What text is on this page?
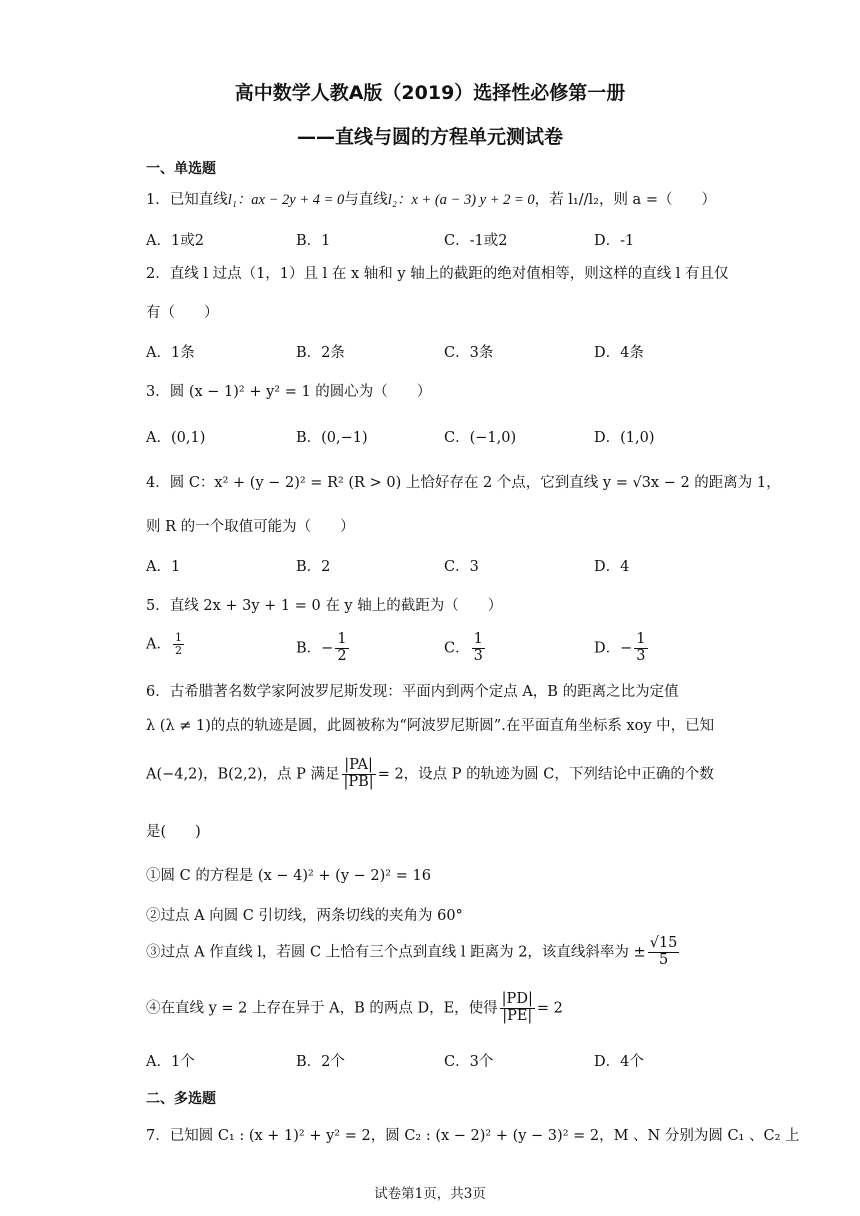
高中数学人教A版（2019）选择性必修第一册
——直线与圆的方程单元测试卷
一、单选题
1．已知直线l₁：ax − 2y + 4 = 0与直线l₂：x + (a − 3) y + 2 = 0，若 l₁//l₂，则 a =（　　）
A．1或2	B．1	C．-1或2	D．-1
2．直线 l 过点（1，1）且 l 在 x 轴和 y 轴上的截距的绝对值相等，则这样的直线 l 有且仅
有（　　）
A．1条	B．2条	C．3条	D．4条
3．圆 (x − 1)² + y² = 1 的圆心为（　　）
A．(0,1)	B．(0,−1)	C．(−1,0)	D．(1,0)
4．圆 C：x² + (y − 2)² = R² (R > 0) 上恰好存在 2 个点，它到直线 y = √3x − 2 的距离为 1，
则 R 的一个取值可能为（　　）
A．1	B．2	C．3	D．4
5．直线 2x + 3y + 1 = 0 在 y 轴上的截距为（　　）
A． $\frac{1}{2}$	B．− $\frac{1}{2}$	C． $\frac{1}{3}$	D．− $\frac{1}{3}$
6．古希腊著名数学家阿波罗尼斯发现：平面内到两个定点 A，B 的距离之比为定值
λ (λ ≠ 1)的点的轨迹是圆，此圆被称为“阿波罗尼斯圆”.在平面直角坐标系 xoy 中，已知
A(−4,2)，B(2,2)，点 P 满足 $\frac{|PA|}{|PB|} = 2$，设点 P 的轨迹为圆 C，下列结论中正确的个数
是(　　)
①圆 C 的方程是 (x − 4)² + (y − 2)² = 16
②过点 A 向圆 C 引切线，两条切线的夹角为 60°
③过点 A 作直线 l，若圆 C 上恰有三个点到直线 l 距离为 2，该直线斜率为 ± $\frac{√15}{5}$
④在直线 y = 2 上存在异于 A，B 的两点 D，E，使得 $\frac{|PD|}{|PE|} = 2$
A．1个	B．2个	C．3个	D．4个
二、多选题
7．已知圆 C₁ : (x + 1)² + y² = 2，圆 C₂ : (x − 2)² + (y − 3)² = 2，M 、N 分别为圆 C₁ 、C₂ 上
试卷第1页，共3页
